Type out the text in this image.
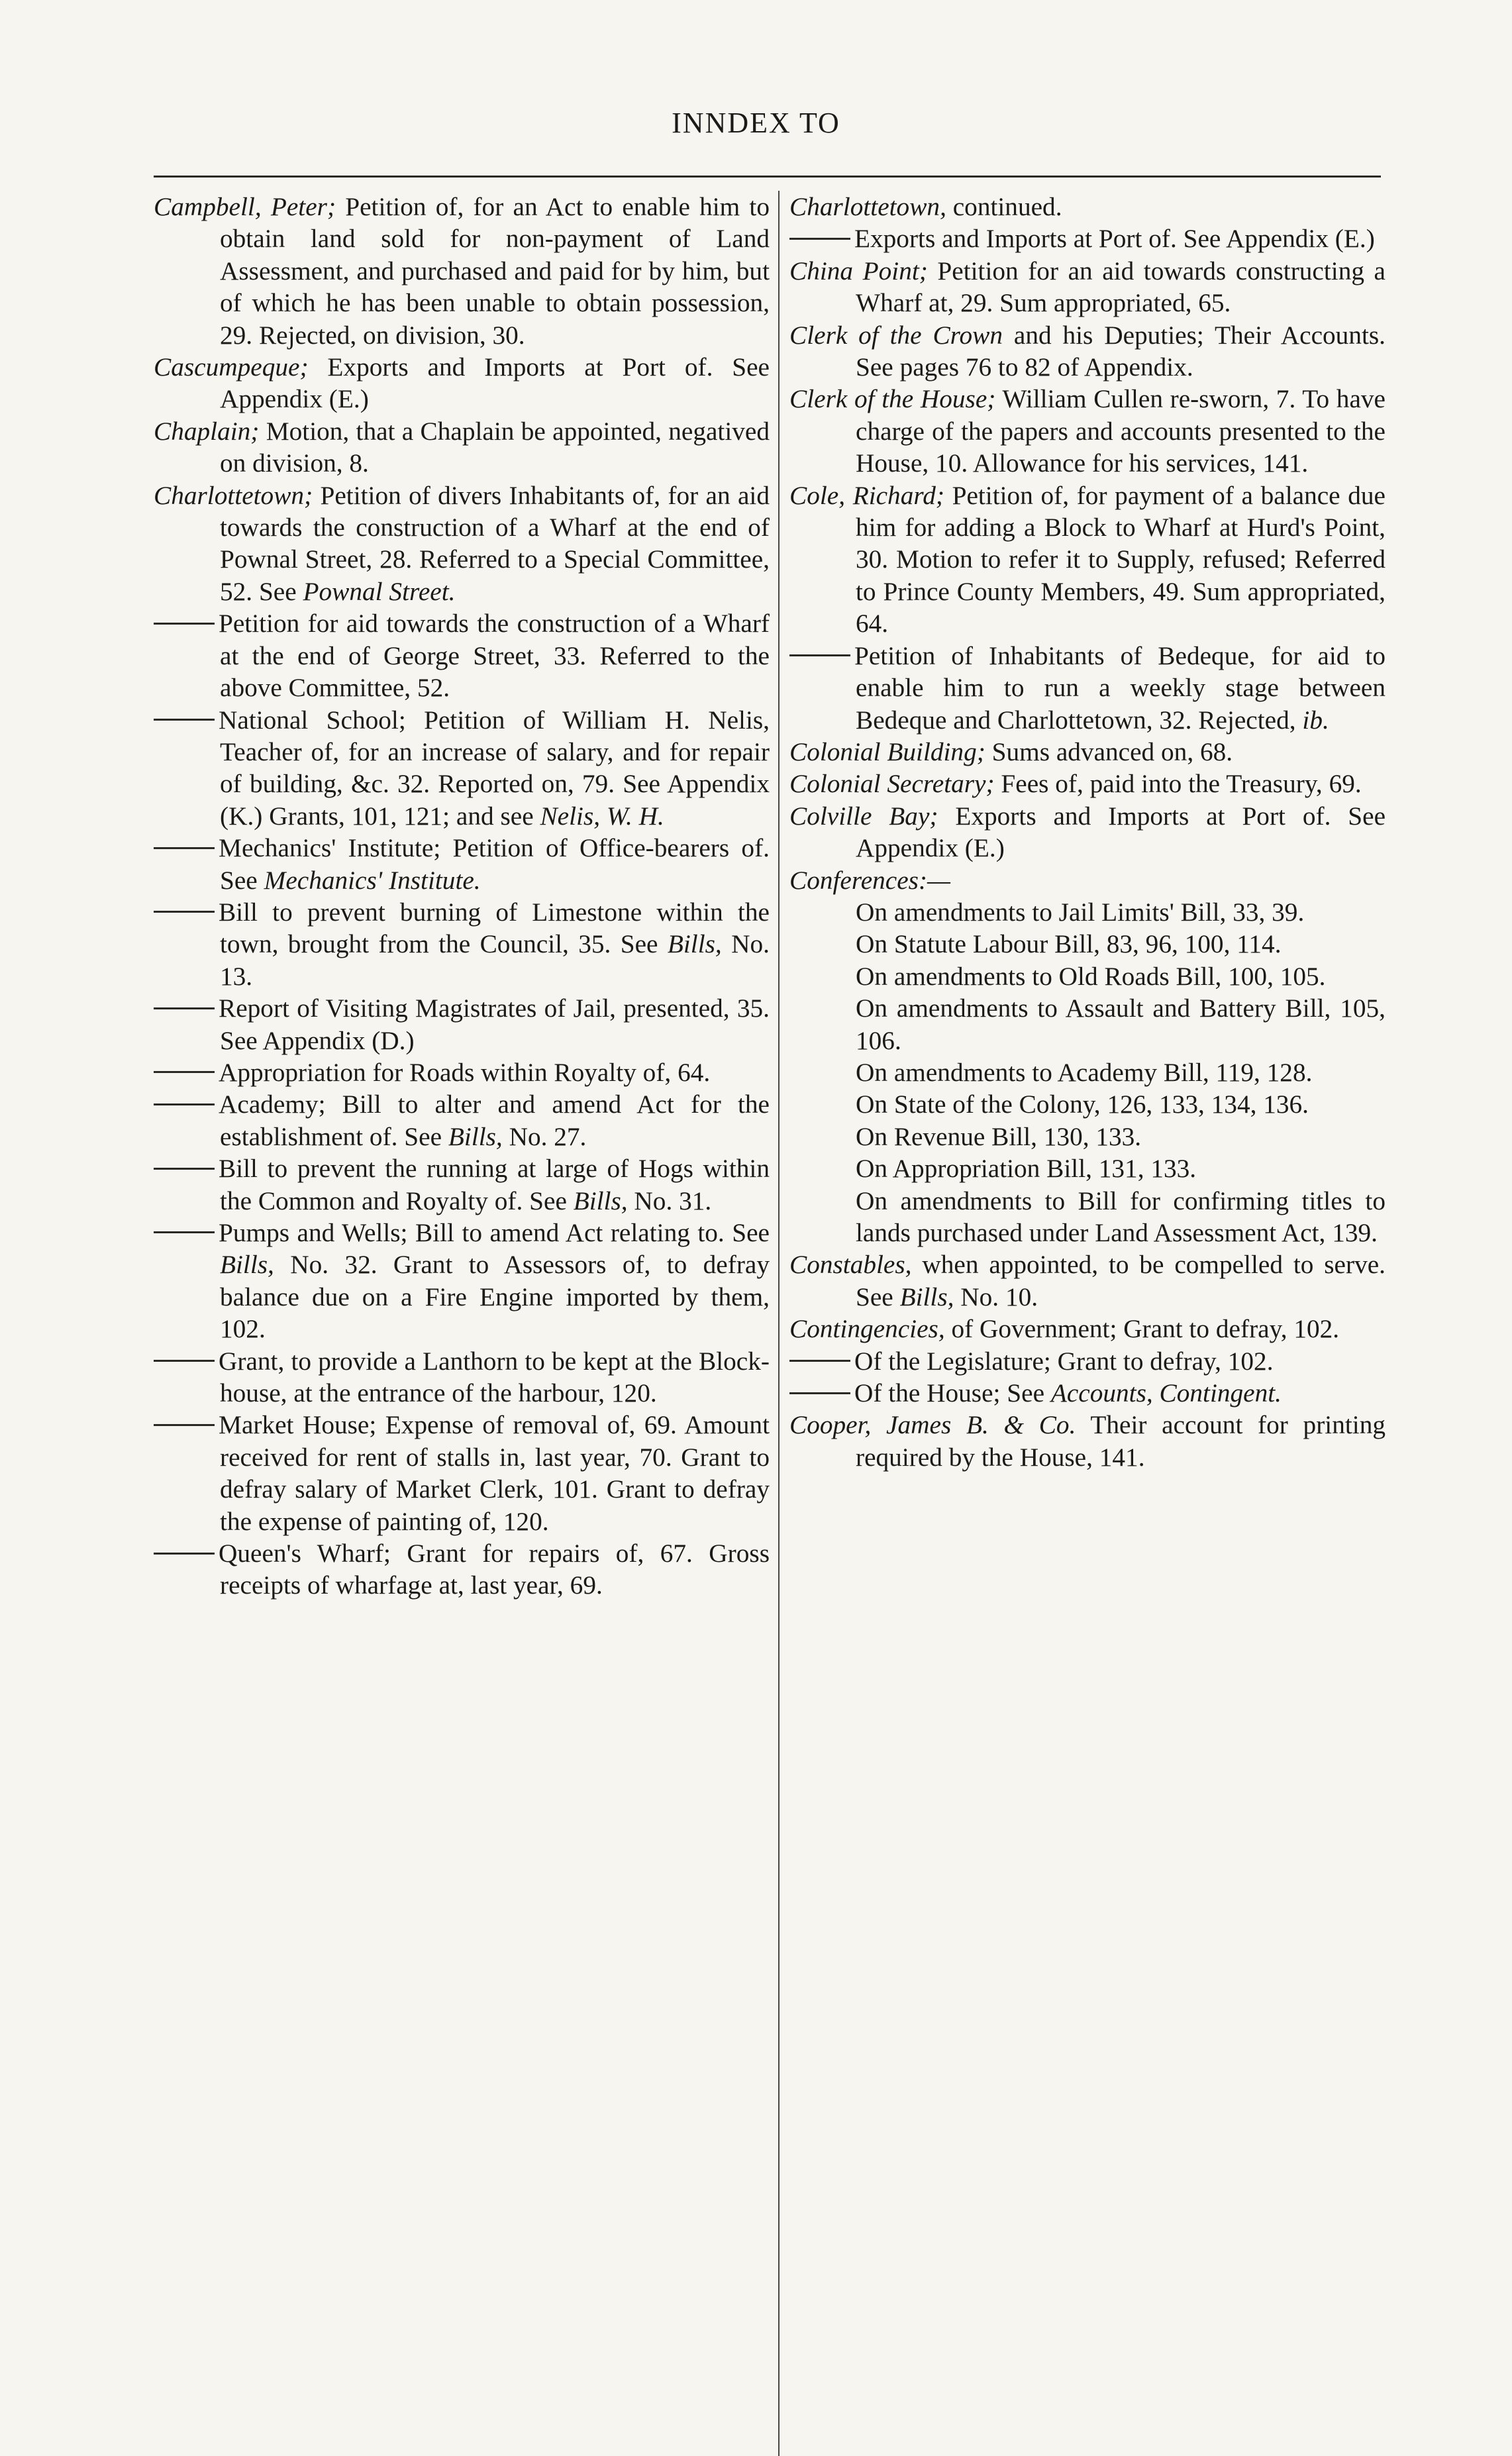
INNDEX TO

Campbell, Peter; Petition of, for an Act to enable him to obtain land sold for non-payment of Land Assessment, and purchased and paid for by him, but of which he has been unable to obtain possession, 29. Rejected, on division, 30.

Cascumpeque; Exports and Imports at Port of. See Appendix (E.)

Chaplain; Motion, that a Chaplain be appointed, negatived on division, 8.

Charlottetown; Petition of divers Inhabitants of, for an aid towards the construction of a Wharf at the end of Pownal Street, 28. Referred to a Special Committee, 52. See Pownal Street.

Petition for aid towards the construction of a Wharf at the end of George Street, 33. Referred to the above Committee, 52.

National School; Petition of William H. Nelis, Teacher of, for an increase of salary, and for repair of building, &c. 32. Reported on, 79. See Appendix (K.) Grants, 101, 121; and see Nelis, W. H.

Mechanics' Institute; Petition of Office-bearers of. See Mechanics' Institute.

Bill to prevent burning of Limestone within the town, brought from the Council, 35. See Bills, No. 13.

Report of Visiting Magistrates of Jail, presented, 35. See Appendix (D.)

Appropriation for Roads within Royalty of, 64.

Academy; Bill to alter and amend Act for the establishment of. See Bills, No. 27.

Bill to prevent the running at large of Hogs within the Common and Royalty of. See Bills, No. 31.

Pumps and Wells; Bill to amend Act relating to. See Bills, No. 32. Grant to Assessors of, to defray balance due on a Fire Engine imported by them, 102.

Grant, to provide a Lanthorn to be kept at the Block-house, at the entrance of the harbour, 120.

Market House; Expense of removal of, 69. Amount received for rent of stalls in, last year, 70. Grant to defray salary of Market Clerk, 101. Grant to defray the expense of painting of, 120.

Queen's Wharf; Grant for repairs of, 67. Gross receipts of wharfage at, last year, 69.

Charlottetown, continued.

Exports and Imports at Port of. See Appendix (E.)

China Point; Petition for an aid towards constructing a Wharf at, 29. Sum appropriated, 65.

Clerk of the Crown and his Deputies; Their Accounts. See pages 76 to 82 of Appendix.

Clerk of the House; William Cullen re-sworn, 7. To have charge of the papers and accounts presented to the House, 10. Allowance for his services, 141.

Cole, Richard; Petition of, for payment of a balance due him for adding a Block to Wharf at Hurd's Point, 30. Motion to refer it to Supply, refused; Referred to Prince County Members, 49. Sum appropriated, 64.

Petition of Inhabitants of Bedeque, for aid to enable him to run a weekly stage between Bedeque and Charlottetown, 32. Rejected, ib.

Colonial Building; Sums advanced on, 68.

Colonial Secretary; Fees of, paid into the Treasury, 69.

Colville Bay; Exports and Imports at Port of. See Appendix (E.)

Conferences:—

On amendments to Jail Limits' Bill, 33, 39.

On Statute Labour Bill, 83, 96, 100, 114.

On amendments to Old Roads Bill, 100, 105.

On amendments to Assault and Battery Bill, 105, 106.

On amendments to Academy Bill, 119, 128.

On State of the Colony, 126, 133, 134, 136.

On Revenue Bill, 130, 133.

On Appropriation Bill, 131, 133.

On amendments to Bill for confirming titles to lands purchased under Land Assessment Act, 139.

Constables, when appointed, to be compelled to serve. See Bills, No. 10.

Contingencies, of Government; Grant to defray, 102.

Of the Legislature; Grant to defray, 102.

Of the House; See Accounts, Contingent.

Cooper, James B. & Co. Their account for printing required by the House, 141.
